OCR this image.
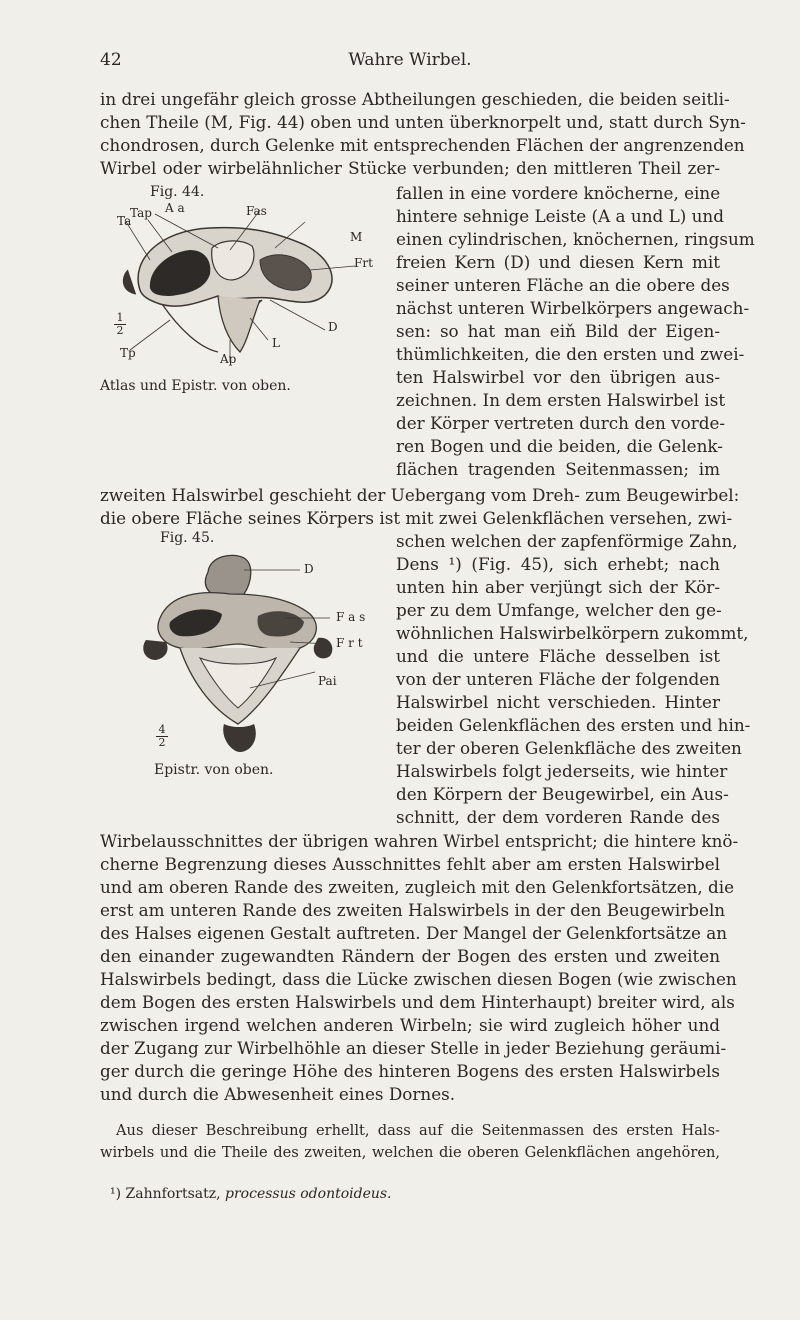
42	Wahre Wirbel.
in drei ungefähr gleich grosse Abtheilungen geschieden, die beiden seitli-
chen Theile (M, Fig. 44) oben und unten überknorpelt und, statt durch Syn-
chondrosen, durch Gelenke mit entsprechenden Flächen der angrenzenden
Wirbel oder wirbelähnlicher Stücke verbunden; den mittleren Theil zer-
Fig. 44.
Ta
Tap A a	Fas
M
Frt
D
L
Tp	Ap
$\frac{1}{2}$
Atlas und Epistr. von oben.
fallen in eine vordere knöcherne, eine
hintere sehnige Leiste (A a und L) und
einen cylindrischen, knöchernen, ringsum
freien Kern (D) und diesen Kern mit
seiner unteren Fläche an die obere des
nächst unteren Wirbelkörpers angewach-
sen: so hat man eiň Bild der Eigen-
thümlichkeiten, die den ersten und zwei-
ten Halswirbel vor den übrigen aus-
zeichnen. In dem ersten Halswirbel ist
der Körper vertreten durch den vorde-
ren Bogen und die beiden, die Gelenk-
flächen tragenden Seitenmassen; im
zweiten Halswirbel geschieht der Uebergang vom Dreh- zum Beugewirbel:
die obere Fläche seines Körpers ist mit zwei Gelenkflächen versehen, zwi-
Fig. 45.
D
F a s
F r t
Pai
$\frac{4}{2}$
Epistr. von oben.
schen welchen der zapfenförmige Zahn,
Dens ¹) (Fig. 45), sich erhebt; nach
unten hin aber verjüngt sich der Kör-
per zu dem Umfange, welcher den ge-
wöhnlichen Halswirbelkörpern zukommt,
und die untere Fläche desselben ist
von der unteren Fläche der folgenden
Halswirbel nicht verschieden. Hinter
beiden Gelenkflächen des ersten und hin-
ter der oberen Gelenkfläche des zweiten
Halswirbels folgt jederseits, wie hinter
den Körpern der Beugewirbel, ein Aus-
schnitt, der dem vorderen Rande des
Wirbelausschnittes der übrigen wahren Wirbel entspricht; die hintere knö-
cherne Begrenzung dieses Ausschnittes fehlt aber am ersten Halswirbel
und am oberen Rande des zweiten, zugleich mit den Gelenkfortsätzen, die
erst am unteren Rande des zweiten Halswirbels in der den Beugewirbeln
des Halses eigenen Gestalt auftreten. Der Mangel der Gelenkfortsätze an
den einander zugewandten Rändern der Bogen des ersten und zweiten
Halswirbels bedingt, dass die Lücke zwischen diesen Bogen (wie zwischen
dem Bogen des ersten Halswirbels und dem Hinterhaupt) breiter wird, als
zwischen irgend welchen anderen Wirbeln; sie wird zugleich höher und
der Zugang zur Wirbelhöhle an dieser Stelle in jeder Beziehung geräumi-
ger durch die geringe Höhe des hinteren Bogens des ersten Halswirbels
und durch die Abwesenheit eines Dornes.
Aus dieser Beschreibung erhellt, dass auf die Seitenmassen des ersten Hals-
wirbels und die Theile des zweiten, welchen die oberen Gelenkflächen angehören,
¹) Zahnfortsatz, processus odontoideus.
